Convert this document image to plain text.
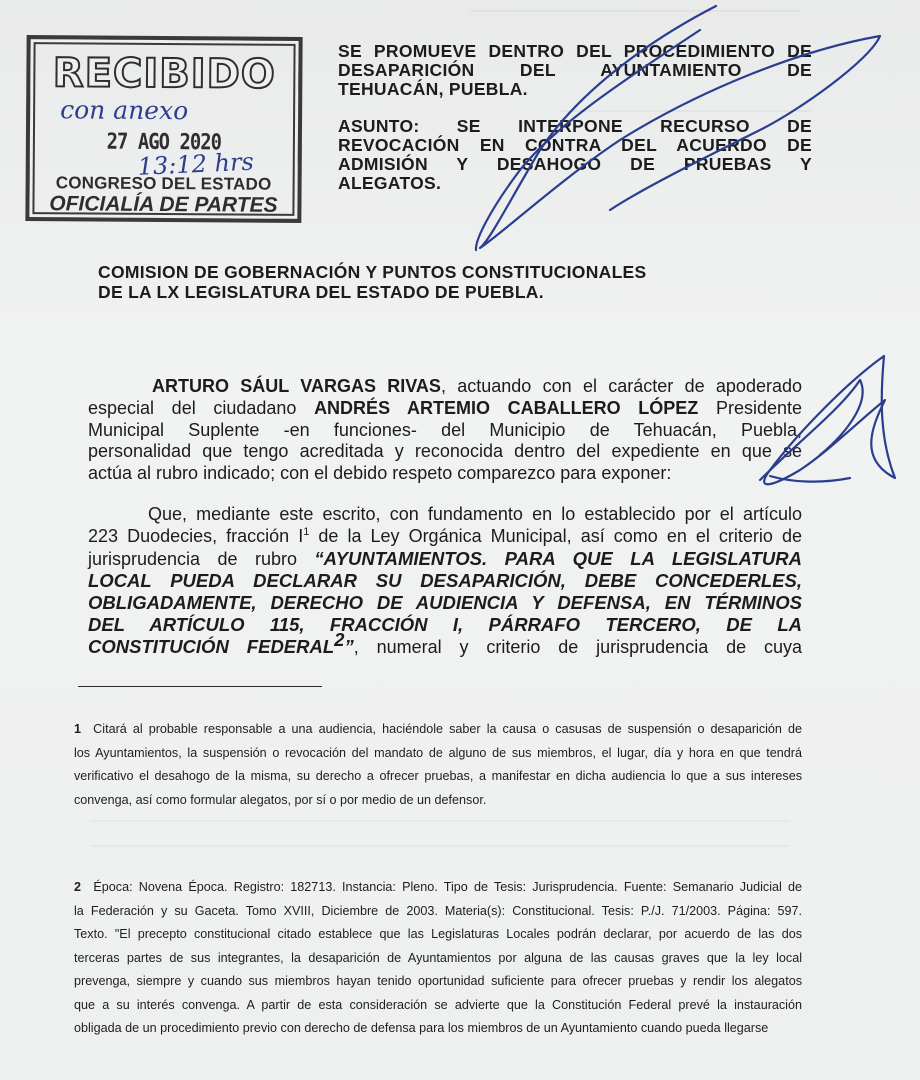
RECIBIDO
con anexo
27 AGO 2020
13:12 hrs
CONGRESO DEL ESTADO
OFICIALÍA DE PARTES

SE PROMUEVE DENTRO DEL PROCEDIMIENTO DE

DESAPARICIÓN DEL AYUNTAMIENTO DE

TEHUACÁN, PUEBLA.

ASUNTO: SE INTERPONE RECURSO DE

REVOCACIÓN EN CONTRA DEL ACUERDO DE

ADMISIÓN Y DESAHOGO DE PRUEBAS Y

ALEGATOS.

COMISION DE GOBERNACIÓN Y PUNTOS CONSTITUCIONALES

DE LA LX LEGISLATURA DEL ESTADO DE PUEBLA.

ARTURO SÁUL VARGAS RIVAS, actuando con el carácter de apoderado
especial del ciudadano ANDRÉS ARTEMIO CABALLERO LÓPEZ Presidente
Municipal Suplente -en funciones- del Municipio de Tehuacán, Puebla,
personalidad que tengo acreditada y reconocida dentro del expediente en que se
actúa al rubro indicado; con el debido respeto comparezco para exponer:

Que, mediante este escrito, con fundamento en lo establecido por el artículo
223 Duodecies, fracción $I^1$ de la Ley Orgánica Municipal, así como en el criterio de
jurisprudencia de rubro “AYUNTAMIENTOS. PARA QUE LA LEGISLATURA
LOCAL PUEDA DECLARAR SU DESAPARICIÓN, DEBE CONCEDERLES,
OBLIGADAMENTE, DERECHO DE AUDIENCIA Y DEFENSA, EN TÉRMINOS
DEL ARTÍCULO 115, FRACCIÓN I, PÁRRAFO TERCERO, DE LA
CONSTITUCIÓN FEDERAL$^2$”, numeral y criterio de jurisprudencia de cuya

1 Citará al probable responsable a una audiencia, haciéndole saber la causa o casusas de suspensión o desaparición de
los Ayuntamientos, la suspensión o revocación del mandato de alguno de sus miembros, el lugar, día y hora en que tendrá
verificativo el desahogo de la misma, su derecho a ofrecer pruebas, a manifestar en dicha audiencia lo que a sus intereses
convenga, así como formular alegatos, por sí o por medio de un defensor.
2 Época: Novena Época. Registro: 182713. Instancia: Pleno. Tipo de Tesis: Jurisprudencia. Fuente: Semanario Judicial de
la Federación y su Gaceta. Tomo XVIII, Diciembre de 2003. Materia(s): Constitucional. Tesis: P./J. 71/2003. Página: 597.
Texto. "El precepto constitucional citado establece que las Legislaturas Locales podrán declarar, por acuerdo de las dos
terceras partes de sus integrantes, la desaparición de Ayuntamientos por alguna de las causas graves que la ley local
prevenga, siempre y cuando sus miembros hayan tenido oportunidad suficiente para ofrecer pruebas y rendir los alegatos
que a su interés convenga. A partir de esta consideración se advierte que la Constitución Federal prevé la instauración
obligada de un procedimiento previo con derecho de defensa para los miembros de un Ayuntamiento cuando pueda llegarse
